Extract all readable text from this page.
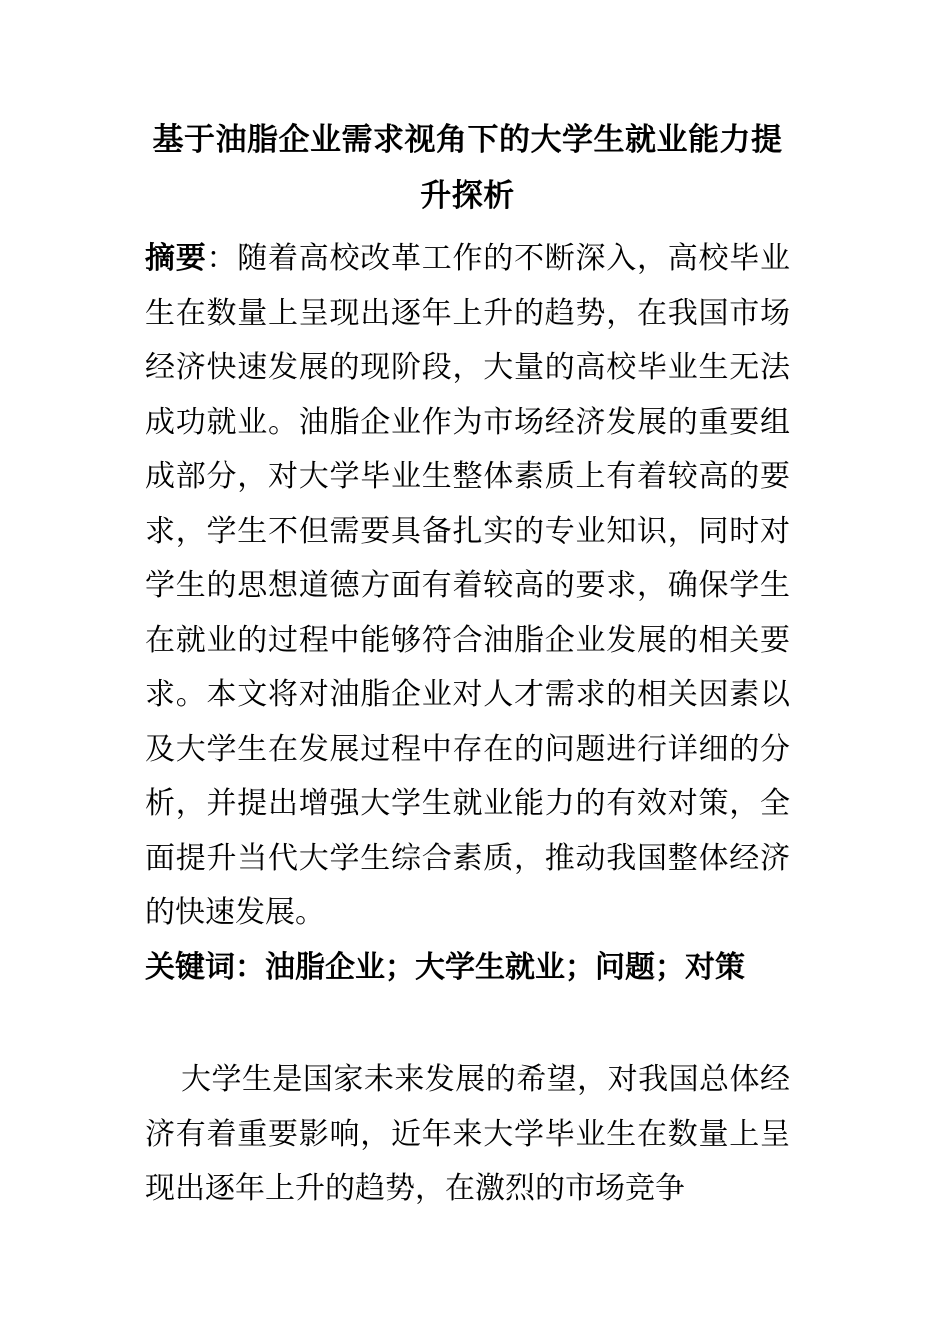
基于油脂企业需求视角下的大学生就业能力提升探析

摘要：随着高校改革工作的不断深入，高校毕业生在数量上呈现出逐年上升的趋势，在我国市场经济快速发展的现阶段，大量的高校毕业生无法成功就业。油脂企业作为市场经济发展的重要组成部分，对大学毕业生整体素质上有着较高的要求，学生不但需要具备扎实的专业知识，同时对学生的思想道德方面有着较高的要求，确保学生在就业的过程中能够符合油脂企业发展的相关要求。本文将对油脂企业对人才需求的相关因素以及大学生在发展过程中存在的问题进行详细的分析，并提出增强大学生就业能力的有效对策，全面提升当代大学生综合素质，推动我国整体经济的快速发展。

关键词：油脂企业；大学生就业；问题；对策

大学生是国家未来发展的希望，对我国总体经济有着重要影响，近年来大学毕业生在数量上呈现出逐年上升的趋势，在激烈的市场竞争
